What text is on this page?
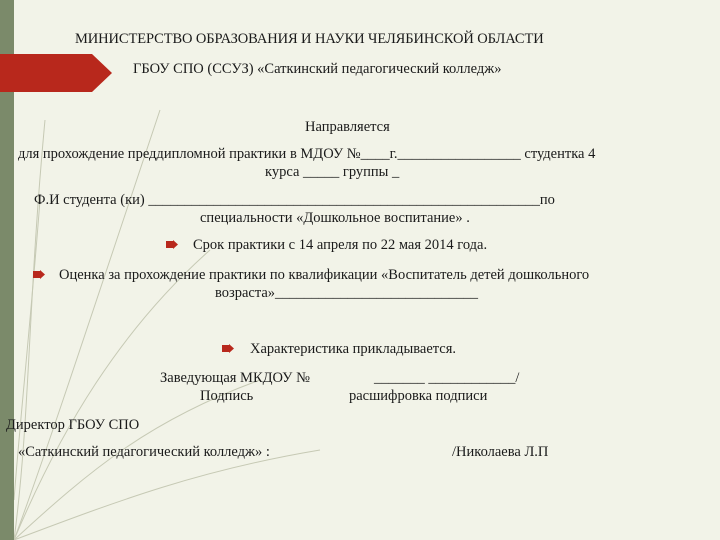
МИНИСТЕРСТВО ОБРАЗОВАНИЯ И НАУКИ ЧЕЛЯБИНСКОЙ ОБЛАСТИ
ГБОУ СПО (ССУЗ) «Саткинский педагогический колледж»
Направляется
для прохождение преддипломной практики в МДОУ №____г._________________ студентка 4
курса _____ группы _
Ф.И студента (ки) ______________________________________________________по
специальности «Дошкольное воспитание» .
Срок практики с 14 апреля по 22 мая 2014 года.
Оценка за прохождение практики по квалификации «Воспитатель детей дошкольного
возраста»____________________________
Характеристика прикладывается.
Заведующая МКДОУ №	_______ ____________/
Подпись	расшифровка подписи
Директор ГБОУ СПО
«Саткинский педагогический колледж» :	/Николаева Л.П
